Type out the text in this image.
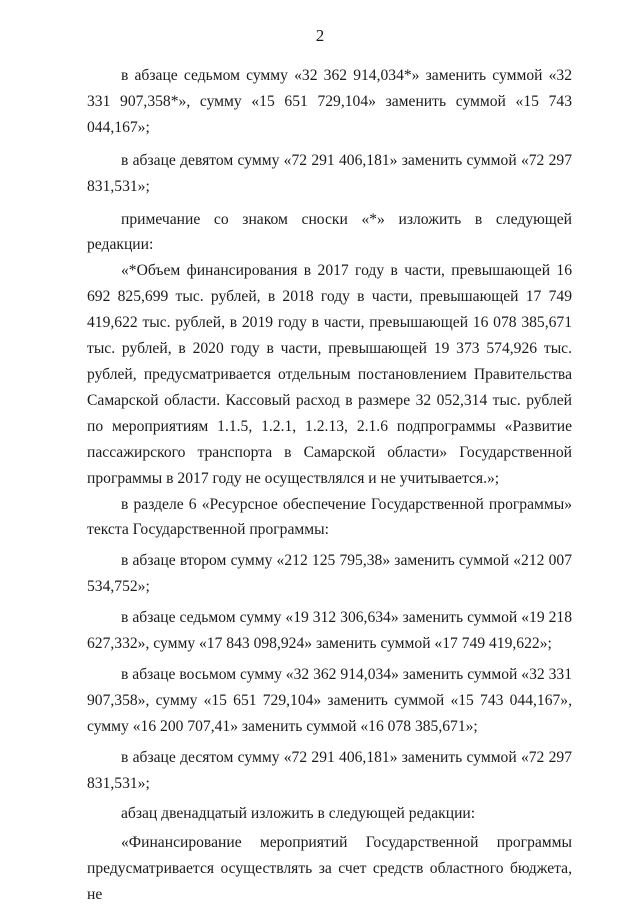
2

в абзаце седьмом сумму «32 362 914,034*» заменить суммой «32 331 907,358*», сумму «15 651 729,104» заменить суммой «15 743 044,167»;

в абзаце девятом сумму «72 291 406,181» заменить суммой «72 297 831,531»;

примечание со знаком сноски «*» изложить в следующей редакции:

«*Объем финансирования в 2017 году в части, превышающей 16 692 825,699 тыс. рублей, в 2018 году в части, превышающей 17 749 419,622 тыс. рублей, в 2019 году в части, превышающей 16 078 385,671 тыс. рублей, в 2020 году в части, превышающей 19 373 574,926 тыс. рублей, предусматривается отдельным постановлением Правительства Самарской области. Кассовый расход в размере 32 052,314 тыс. рублей по мероприятиям 1.1.5, 1.2.1, 1.2.13, 2.1.6 подпрограммы «Развитие пассажирского транспорта в Самарской области» Государственной программы в 2017 году не осуществлялся и не учитывается.»;

в разделе 6 «Ресурсное обеспечение Государственной программы» текста Государственной программы:

в абзаце втором сумму «212 125 795,38» заменить суммой «212 007 534,752»;

в абзаце седьмом сумму «19 312 306,634» заменить суммой «19 218 627,332», сумму «17 843 098,924» заменить суммой «17 749 419,622»;

в абзаце восьмом сумму «32 362 914,034» заменить суммой «32 331 907,358», сумму «15 651 729,104» заменить суммой «15 743 044,167», сумму «16 200 707,41» заменить суммой «16 078 385,671»;

в абзаце десятом сумму «72 291 406,181» заменить суммой «72 297 831,531»;

абзац двенадцатый изложить в следующей редакции:

«Финансирование мероприятий Государственной программы предусматривается осуществлять за счет средств областного бюджета, не
